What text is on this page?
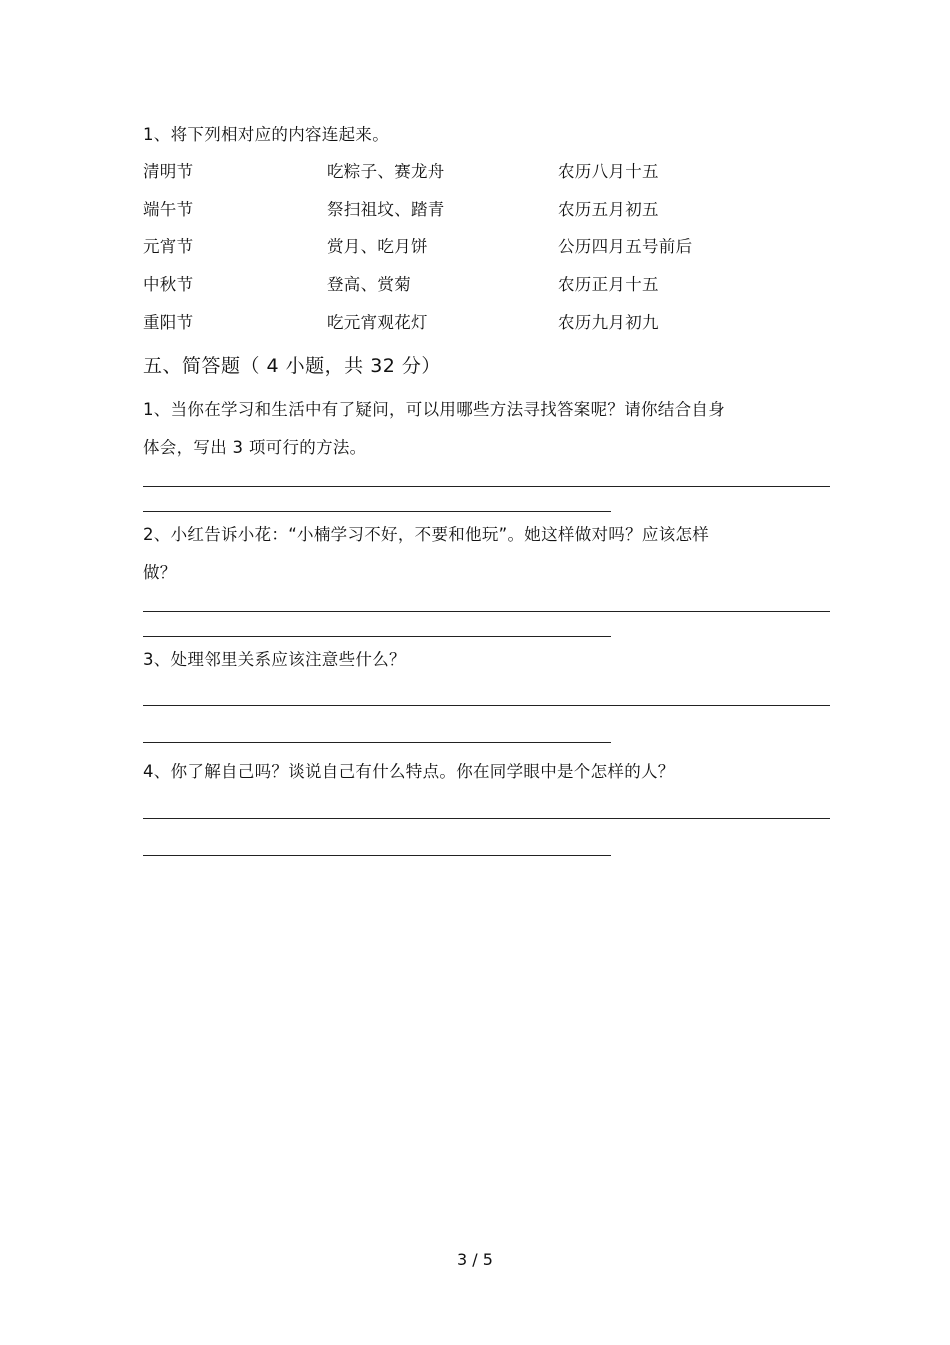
1、将下列相对应的内容连起来。
清明节	吃粽子、赛龙舟	农历八月十五
端午节	祭扫祖坟、踏青	农历五月初五
元宵节	赏月、吃月饼	公历四月五号前后
中秋节	登高、赏菊	农历正月十五
重阳节	吃元宵观花灯	农历九月初九
五、简答题（ 4 小题，共 32 分）
1、当你在学习和生活中有了疑问，可以用哪些方法寻找答案呢？请你结合自身
体会，写出 3 项可行的方法。
2、小红告诉小花：“小楠学习不好，不要和他玩”。她这样做对吗？应该怎样
做？
3、处理邻里关系应该注意些什么？
4、你了解自己吗？谈说自己有什么特点。你在同学眼中是个怎样的人？
3 / 5
